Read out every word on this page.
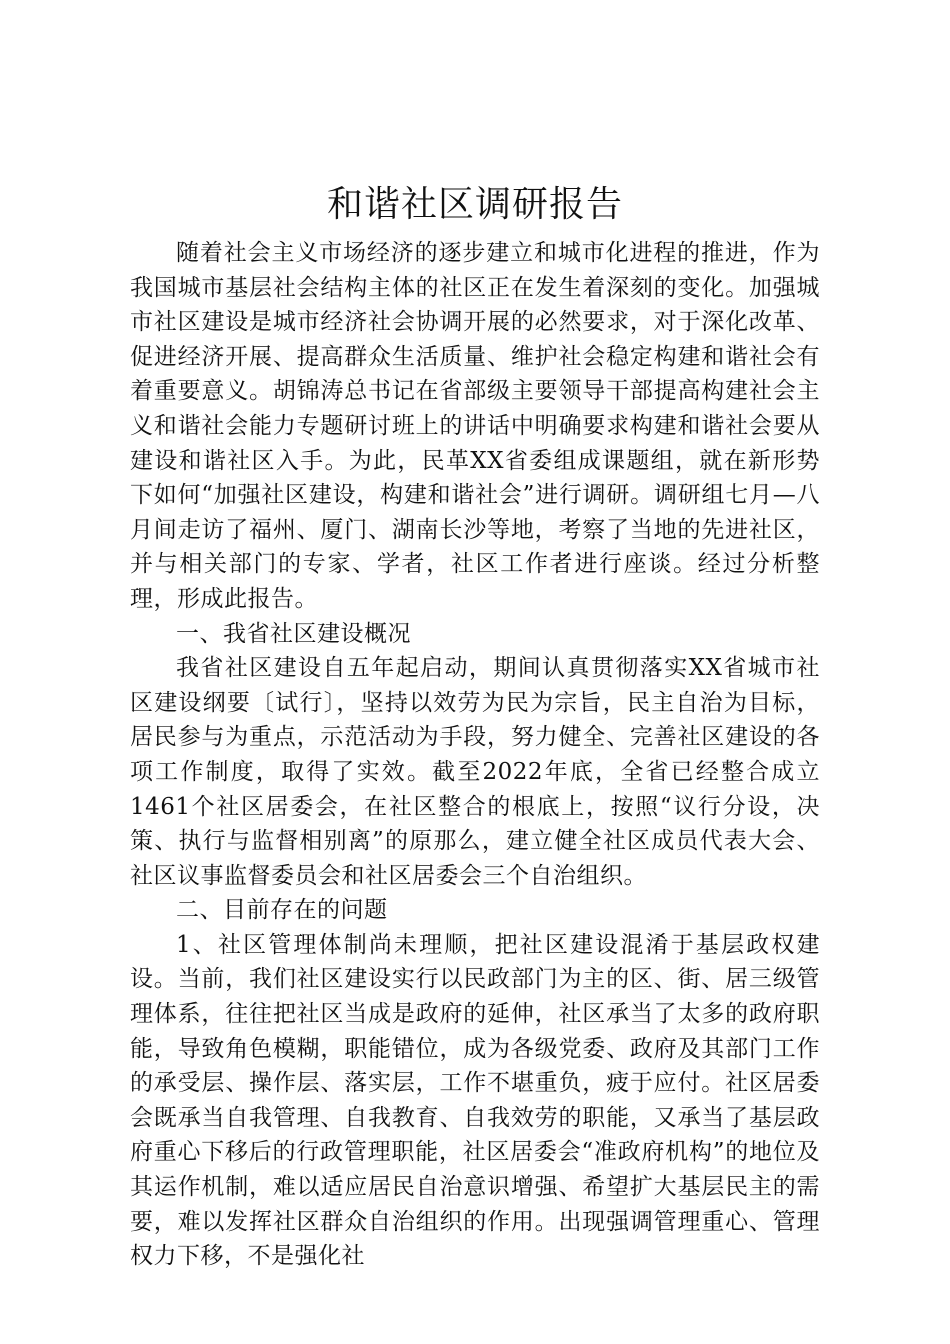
和谐社区调研报告

随着社会主义市场经济的逐步建立和城市化进程的推进，作为我国城市基层社会结构主体的社区正在发生着深刻的变化。加强城市社区建设是城市经济社会协调开展的必然要求，对于深化改革、促进经济开展、提高群众生活质量、维护社会稳定构建和谐社会有着重要意义。胡锦涛总书记在省部级主要领导干部提高构建社会主义和谐社会能力专题研讨班上的讲话中明确要求构建和谐社会要从建设和谐社区入手。为此，民革XX省委组成课题组，就在新形势下如何“加强社区建设，构建和谐社会”进行调研。调研组七月—八月间走访了福州、厦门、湖南长沙等地，考察了当地的先进社区，并与相关部门的专家、学者，社区工作者进行座谈。经过分析整理，形成此报告。

一、我省社区建设概况

我省社区建设自五年起启动，期间认真贯彻落实XX省城市社区建设纲要〔试行〕，坚持以效劳为民为宗旨，民主自治为目标，居民参与为重点，示范活动为手段，努力健全、完善社区建设的各项工作制度，取得了实效。截至2022年底，全省已经整合成立1461个社区居委会，在社区整合的根底上，按照“议行分设，决策、执行与监督相别离”的原那么，建立健全社区成员代表大会、社区议事监督委员会和社区居委会三个自治组织。

二、目前存在的问题

1、社区管理体制尚未理顺，把社区建设混淆于基层政权建设。当前，我们社区建设实行以民政部门为主的区、街、居三级管理体系，往往把社区当成是政府的延伸，社区承当了太多的政府职能，导致角色模糊，职能错位，成为各级党委、政府及其部门工作的承受层、操作层、落实层，工作不堪重负，疲于应付。社区居委会既承当自我管理、自我教育、自我效劳的职能，又承当了基层政府重心下移后的行政管理职能，社区居委会“准政府机构”的地位及其运作机制，难以适应居民自治意识增强、希望扩大基层民主的需要，难以发挥社区群众自治组织的作用。出现强调管理重心、管理权力下移，不是强化社
